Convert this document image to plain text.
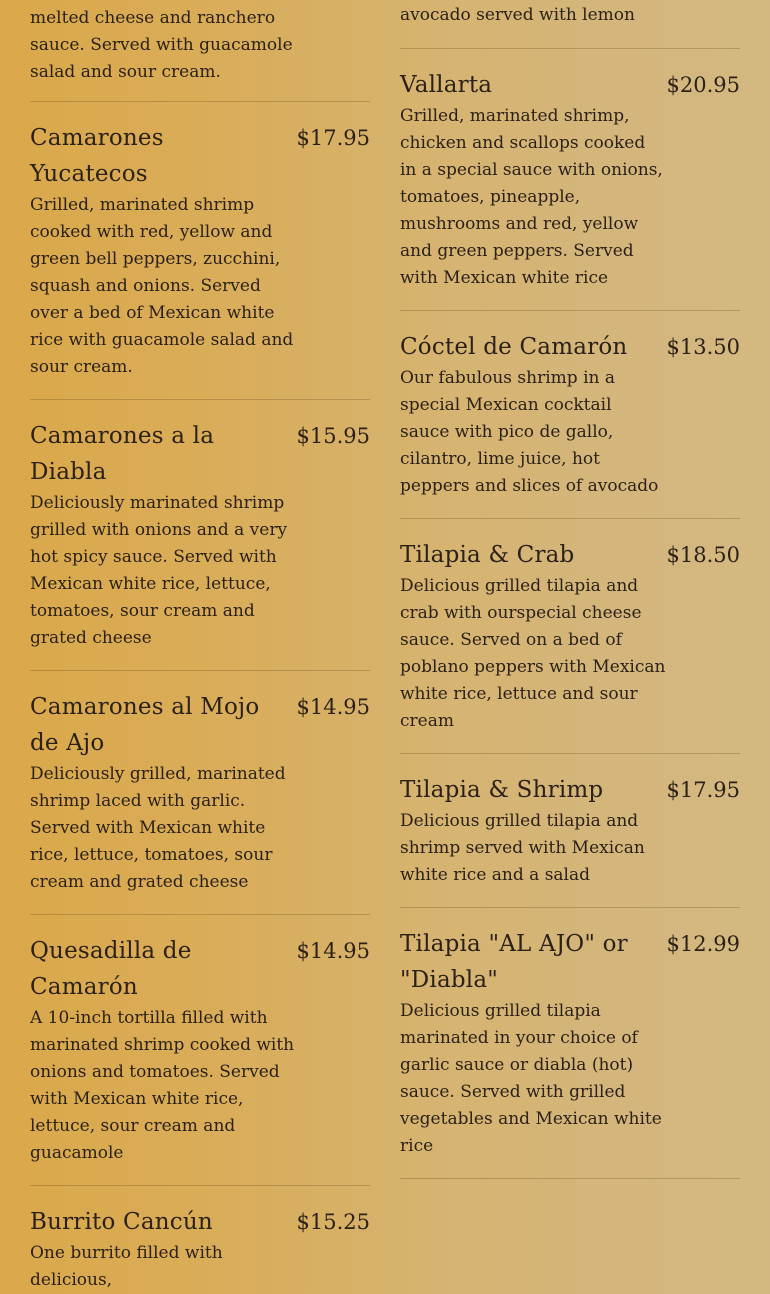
melted cheese and ranchero sauce. Served with guacamole salad and sour cream.

Camarones Yucatecos
$17.95

Grilled, marinated shrimp cooked with red, yellow and green bell peppers, zucchini, squash and onions. Served over a bed of Mexican white rice with guacamole salad and sour cream.

Camarones a la Diabla
$15.95

Deliciously marinated shrimp grilled with onions and a very hot spicy sauce. Served with Mexican white rice, lettuce, tomatoes, sour cream and grated cheese

Camarones al Mojo de Ajo
$14.95

Deliciously grilled, marinated shrimp laced with garlic. Served with Mexican white rice, lettuce, tomatoes, sour cream and grated cheese

Quesadilla de Camarón
$14.95

A 10-inch tortilla filled with marinated shrimp cooked with onions and tomatoes. Served with Mexican white rice, lettuce, sour cream and guacamole

Burrito Cancún	$15.25

One burrito filled with delicious,

avocado served with lemon

Vallarta	$20.95

Grilled, marinated shrimp, chicken and scallops cooked in a special sauce with onions, tomatoes, pineapple, mushrooms and red, yellow and green peppers. Served with Mexican white rice

Cóctel de Camarón	$13.50

Our fabulous shrimp in a special Mexican cocktail sauce with pico de gallo, cilantro, lime juice, hot peppers and slices of avocado

Tilapia & Crab	$18.50

Delicious grilled tilapia and crab with ourspecial cheese sauce. Served on a bed of poblano peppers with Mexican white rice, lettuce and sour cream

Tilapia & Shrimp	$17.95

Delicious grilled tilapia and shrimp served with Mexican white rice and a salad

Tilapia "AL AJO" or "Diabla"
$12.99

Delicious grilled tilapia marinated in your choice of garlic sauce or diabla (hot) sauce. Served with grilled vegetables and Mexican white rice
